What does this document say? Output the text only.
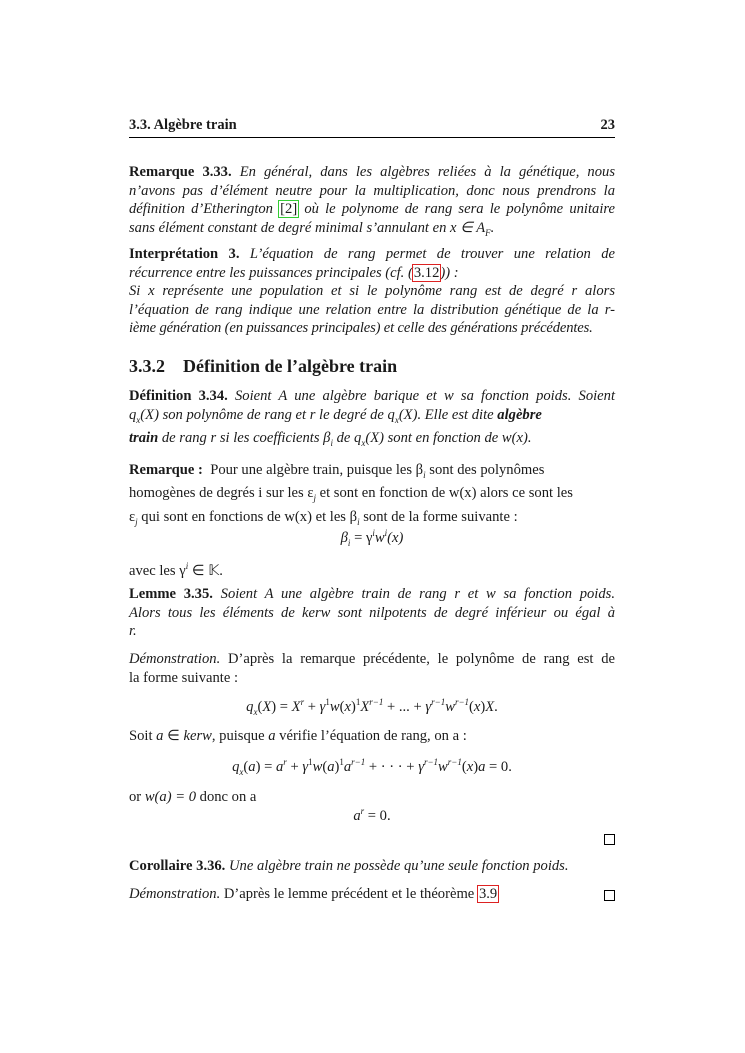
3.3. Algèbre train	23
Remarque 3.33. En général, dans les algèbres reliées à la génétique, nous
n’avons pas d’élément neutre pour la multiplication, donc nous prendrons la
définition d’Etherington [2] où le polynome de rang sera le polynôme unitaire
sans élément constant de degré minimal s’annulant en x ∈ $A_F$.
Interprétation 3. L’équation de rang permet de trouver une relation de
récurrence entre les puissances principales (cf. (3.12)) :
Si x représente une population et si le polynôme rang est de degré r alors
l’équation de rang indique une relation entre la distribution génétique de la r-
ième génération (en puissances principales) et celle des générations précédentes.
3.3.2 Définition de l’algèbre train
Définition 3.34. Soient A une algèbre barique et w sa fonction poids. Soient
$q_x(X)$ son polynôme de rang et r le degré de $q_x(X)$. Elle est dite algèbre
train de rang r si les coefficients $\beta_i$ de $q_x(X)$ sont en fonction de w(x).
Remarque : Pour une algèbre train, puisque les $\beta_i$ sont des polynômes
homogènes de degrés i sur les $\varepsilon_j$ et sont en fonction de w(x) alors ce sont les
$\varepsilon_j$ qui sont en fonctions de w(x) et les $\beta_i$ sont de la forme suivante :
$\beta_i = \gamma^iw^i(x)$
avec les $\gamma^i$ ∈ 𝕂.
Lemme 3.35. Soient A une algèbre train de rang r et w sa fonction poids.
Alors tous les éléments de kerw sont nilpotents de degré inférieur ou égal à
r.
Démonstration. D’après la remarque précédente, le polynôme de rang est de
la forme suivante :
$q_x(X) = X^r + \gamma^1w(x)^1X^{r-1}$ + ... + $\gamma^{r-1}w^{r-1}(x)X$.
Soit a ∈ kerw, puisque a vérifie l’équation de rang, on a :
$q_x(a) = a^r + \gamma^1w(a)^1a^{r-1}$ + · · · + $\gamma^{r-1}w^{r-1}(x)a = 0$.
or w(a) = 0 donc on a
$a^r = 0$.
Corollaire 3.36. Une algèbre train ne possède qu’une seule fonction poids.
Démonstration. D’après le lemme précédent et le théorème 3.9
